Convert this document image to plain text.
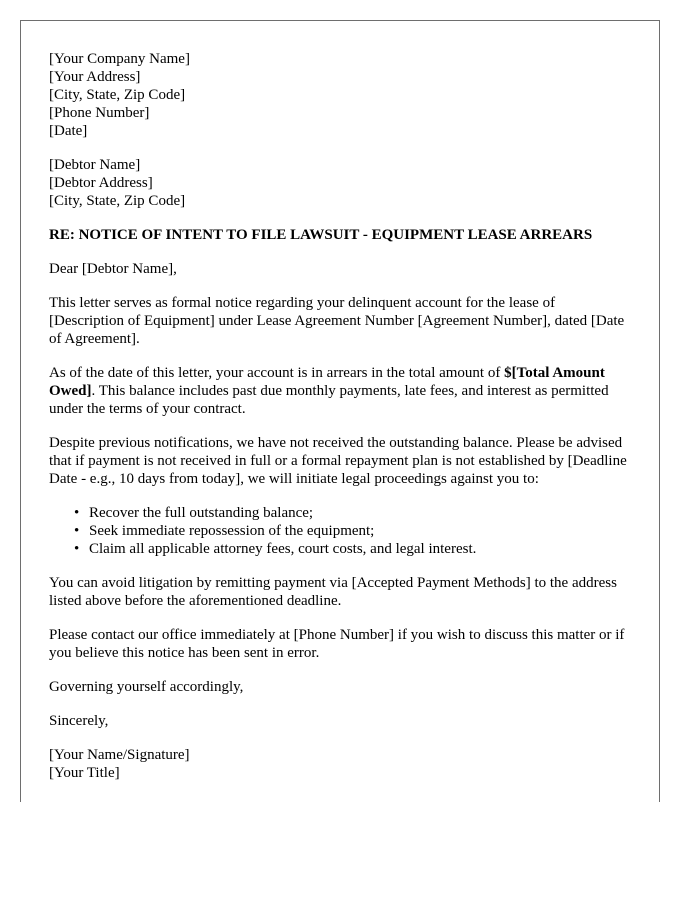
[Your Company Name]

[Your Address]

[City, State, Zip Code]

[Phone Number]

[Date]

[Debtor Name]

[Debtor Address]

[City, State, Zip Code]

RE: NOTICE OF INTENT TO FILE LAWSUIT - EQUIPMENT LEASE ARREARS

Dear [Debtor Name],

This letter serves as formal notice regarding your delinquent account for the lease of [Description of Equipment] under Lease Agreement Number [Agreement Number], dated [Date of Agreement].

As of the date of this letter, your account is in arrears in the total amount of $[Total Amount Owed]. This balance includes past due monthly payments, late fees, and interest as permitted under the terms of your contract.

Despite previous notifications, we have not received the outstanding balance. Please be advised that if payment is not received in full or a formal repayment plan is not established by [Deadline Date - e.g., 10 days from today], we will initiate legal proceedings against you to:

• Recover the full outstanding balance;
• Seek immediate repossession of the equipment;
• Claim all applicable attorney fees, court costs, and legal interest.

You can avoid litigation by remitting payment via [Accepted Payment Methods] to the address listed above before the aforementioned deadline.

Please contact our office immediately at [Phone Number] if you wish to discuss this matter or if you believe this notice has been sent in error.

Governing yourself accordingly,

Sincerely,

[Your Name/Signature]

[Your Title]
